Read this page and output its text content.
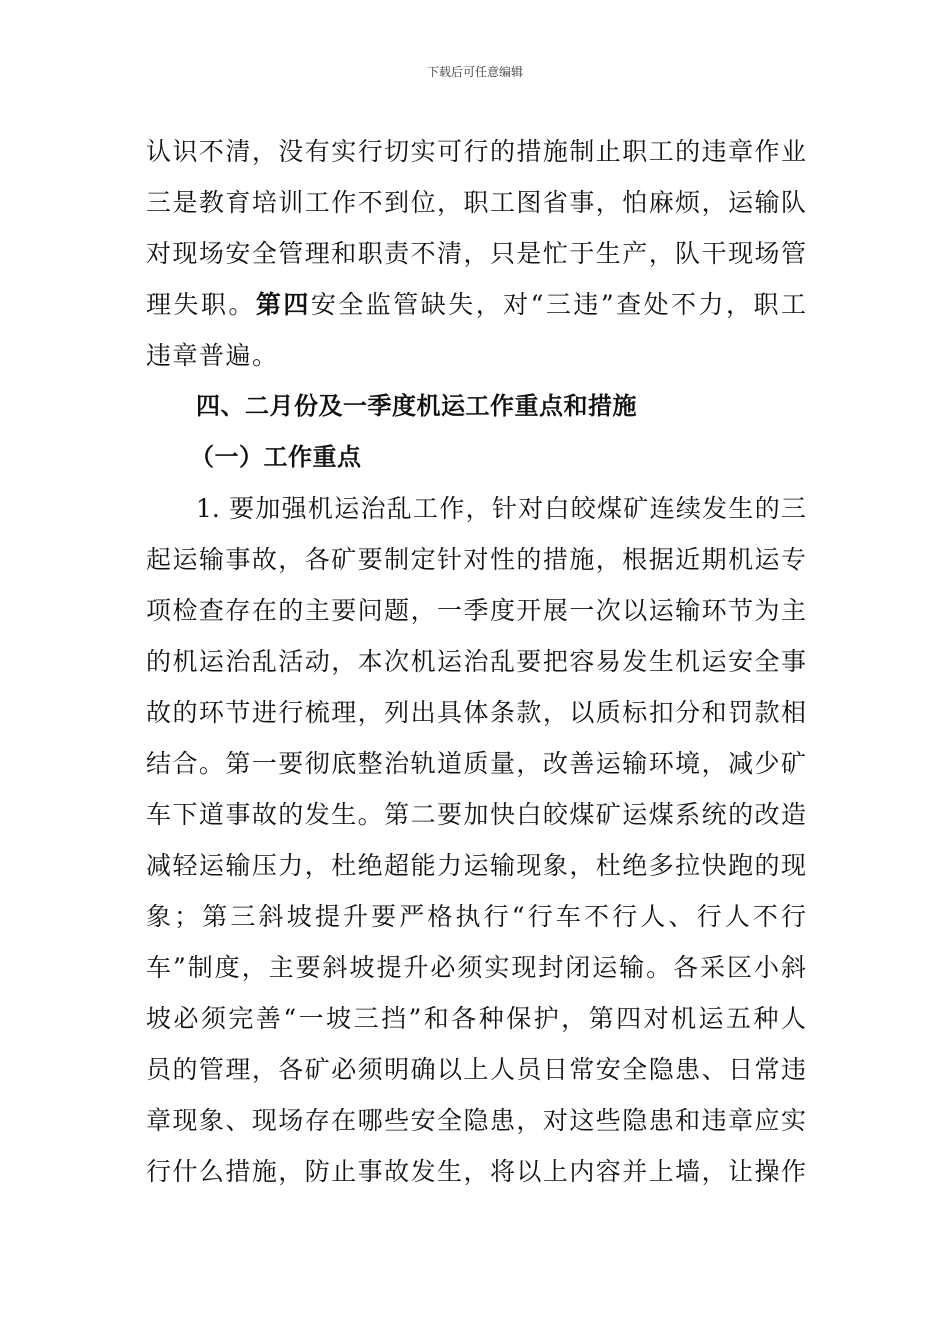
下载后可任意编辑
认识不清，没有实行切实可行的措施制止职工的违章作业
三是教育培训工作不到位，职工图省事，怕麻烦，运输队
对现场安全管理和职责不清，只是忙于生产，队干现场管
理失职。第四安全监管缺失，对“三违”查处不力，职工
违章普遍。
四、二月份及一季度机运工作重点和措施
（一）工作重点
1. 要加强机运治乱工作，针对白皎煤矿连续发生的三
起运输事故，各矿要制定针对性的措施，根据近期机运专
项检查存在的主要问题，一季度开展一次以运输环节为主
的机运治乱活动，本次机运治乱要把容易发生机运安全事
故的环节进行梳理，列出具体条款，以质标扣分和罚款相
结合。第一要彻底整治轨道质量，改善运输环境，减少矿
车下道事故的发生。第二要加快白皎煤矿运煤系统的改造
减轻运输压力，杜绝超能力运输现象，杜绝多拉快跑的现
象；第三斜坡提升要严格执行“行车不行人、行人不行
车”制度，主要斜坡提升必须实现封闭运输。各采区小斜
坡必须完善“一坡三挡”和各种保护，第四对机运五种人
员的管理，各矿必须明确以上人员日常安全隐患、日常违
章现象、现场存在哪些安全隐患，对这些隐患和违章应实
行什么措施，防止事故发生，将以上内容并上墙，让操作
